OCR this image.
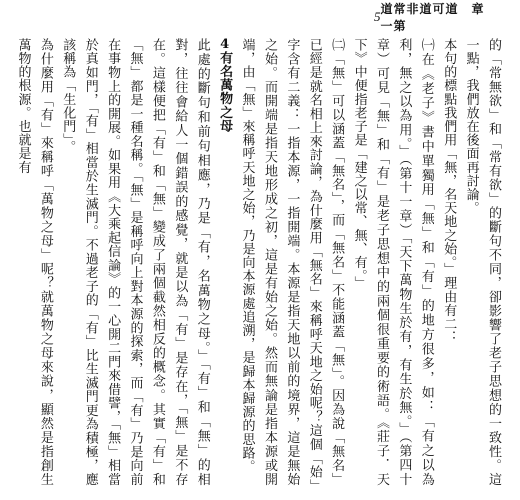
5 道常非道可道　章一第

的「常無欲」和「常有欲」的斷句不同，卻影響了老子思想的一致性。這一點，我們放在後面再討論。

本句的標點我們用「無，名天地之始。」理由有二：

㈠在《老子》書中單獨用「無」和「有」的地方很多，如：「有之以為利，無之以為用。」（第十一章）「天下萬物生於有，有生於無。」（第四十章）可見「無」和「有」是老子思想中的兩個很重要的術語。《莊子．天下》中便指老子是「建之以常、無、有。」

㈡「無」可以涵蓋「無名」，而「無名」不能涵蓋「無」。因為說「無名」已經是就名相上來討論，為什麼用「無名」來稱呼天地之始呢？這個「始」字含有二義：一指本源，一指開端。本源是指天地以前的境界，這是無始之始。而開端是指天地形成之初，這是有始之始。然而無論是指本源或開端，由「無」來稱呼天地之始，乃是向本源處追溯，是歸本歸源的思路。

4有名萬物之母

此處的斷句和前句相應，乃是「有，名萬物之母。」「有」和「無」的相對，往往會給人一個錯誤的感覺，就是以為「有」是存在，「無」是不存在。這樣便把「有」和「無」變成了兩個截然相反的概念。其實「有」和「無」都是一種名稱。「無」是稱呼向上對本源的探索，而「有」乃是向前在事物上的開展。如果用《大乘起信論》的一心開二門來借譬，「無」相當於真如門，「有」相當於生滅門。不過老子的「有」比生滅門更為積極，應該稱為「生化門」。

為什麼用「有」來稱呼「萬物之母」呢？就萬物之母來說，顯然是指創生萬物的根源。也就是有
